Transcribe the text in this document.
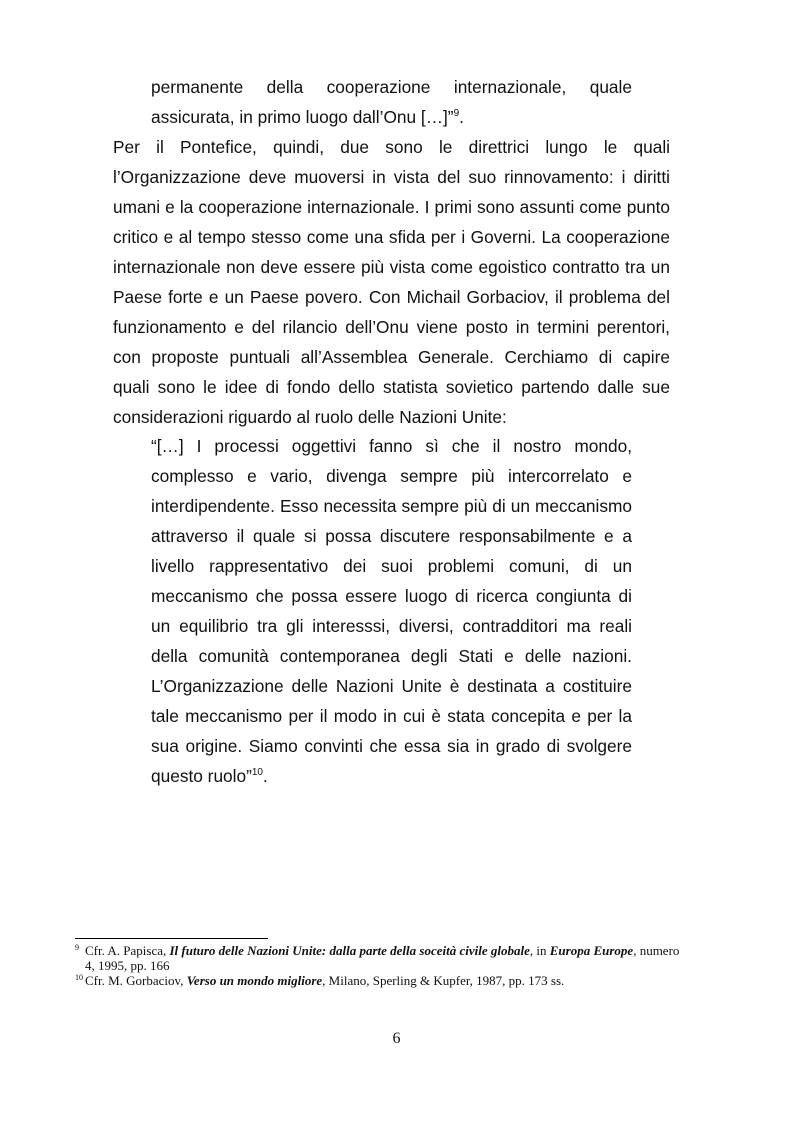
permanente della cooperazione internazionale, quale
assicurata, in primo luogo dall’Onu […]”$^9$.
Per il Pontefice, quindi, due sono le direttrici lungo le quali
l’Organizzazione deve muoversi in vista del suo rinnovamento: i diritti
umani e la cooperazione internazionale. I primi sono assunti come punto
critico e al tempo stesso come una sfida per i Governi. La cooperazione
internazionale non deve essere più vista come egoistico contratto tra un
Paese forte e un Paese povero. Con Michail Gorbaciov, il problema del
funzionamento e del rilancio dell’Onu viene posto in termini perentori,
con proposte puntuali all’Assemblea Generale. Cerchiamo di capire
quali sono le idee di fondo dello statista sovietico partendo dalle sue
considerazioni riguardo al ruolo delle Nazioni Unite:
“[…] I processi oggettivi fanno sì che il nostro mondo,
complesso e vario, divenga sempre più intercorrelato e
interdipendente. Esso necessita sempre più di un meccanismo
attraverso il quale si possa discutere responsabilmente e a
livello rappresentativo dei suoi problemi comuni, di un
meccanismo che possa essere luogo di ricerca congiunta di
un equilibrio tra gli interesssi, diversi, contradditori ma reali
della comunità contemporanea degli Stati e delle nazioni.
L’Organizzazione delle Nazioni Unite è destinata a costituire
tale meccanismo per il modo in cui è stata concepita e per la
sua origine. Siamo convinti che essa sia in grado di svolgere
questo ruolo”$^{10}$.
9 Cfr. A. Papisca, Il futuro delle Nazioni Unite: dalla parte della soceità civile globale, in Europa Europe, numero
4, 1995, pp. 166
10 Cfr. M. Gorbaciov, Verso un mondo migliore, Milano, Sperling & Kupfer, 1987, pp. 173 ss.
6
